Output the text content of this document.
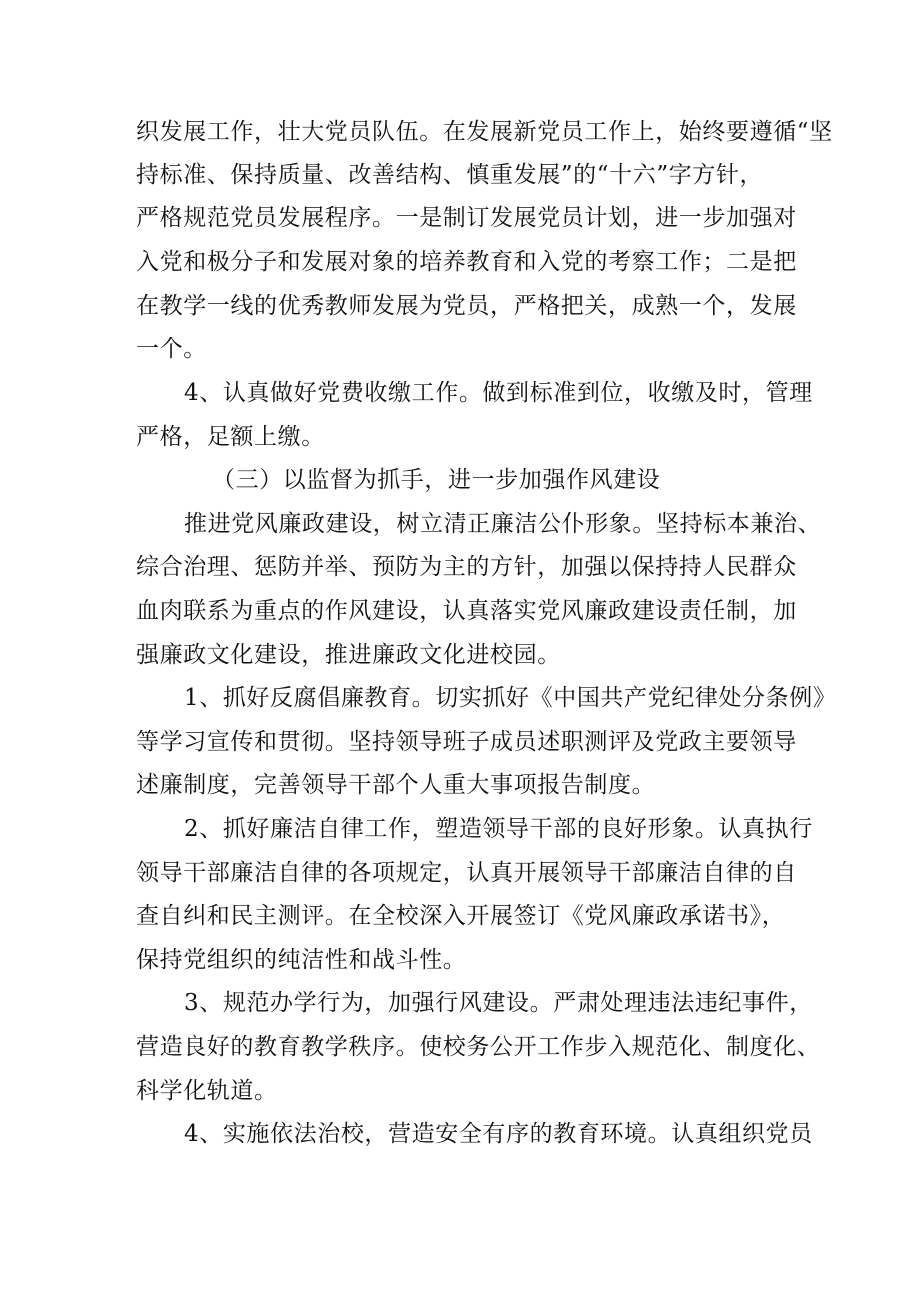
织发展工作，壮大党员队伍。在发展新党员工作上，始终要遵循“坚
持标准、保持质量、改善结构、慎重发展”的“十六”字方针，
严格规范党员发展程序。一是制订发展党员计划，进一步加强对
入党和极分子和发展对象的培养教育和入党的考察工作；二是把
在教学一线的优秀教师发展为党员，严格把关，成熟一个，发展
一个。
4、认真做好党费收缴工作。做到标准到位，收缴及时，管理
严格，足额上缴。
（三）以监督为抓手，进一步加强作风建设
推进党风廉政建设，树立清正廉洁公仆形象。坚持标本兼治、
综合治理、惩防并举、预防为主的方针，加强以保持持人民群众
血肉联系为重点的作风建设，认真落实党风廉政建设责任制，加
强廉政文化建设，推进廉政文化进校园。
1、抓好反腐倡廉教育。切实抓好《中国共产党纪律处分条例》
等学习宣传和贯彻。坚持领导班子成员述职测评及党政主要领导
述廉制度，完善领导干部个人重大事项报告制度。
2、抓好廉洁自律工作，塑造领导干部的良好形象。认真执行
领导干部廉洁自律的各项规定，认真开展领导干部廉洁自律的自
查自纠和民主测评。在全校深入开展签订《党风廉政承诺书》，
保持党组织的纯洁性和战斗性。
3、规范办学行为，加强行风建设。严肃处理违法违纪事件，
营造良好的教育教学秩序。使校务公开工作步入规范化、制度化、
科学化轨道。
4、实施依法治校，营造安全有序的教育环境。认真组织党员
